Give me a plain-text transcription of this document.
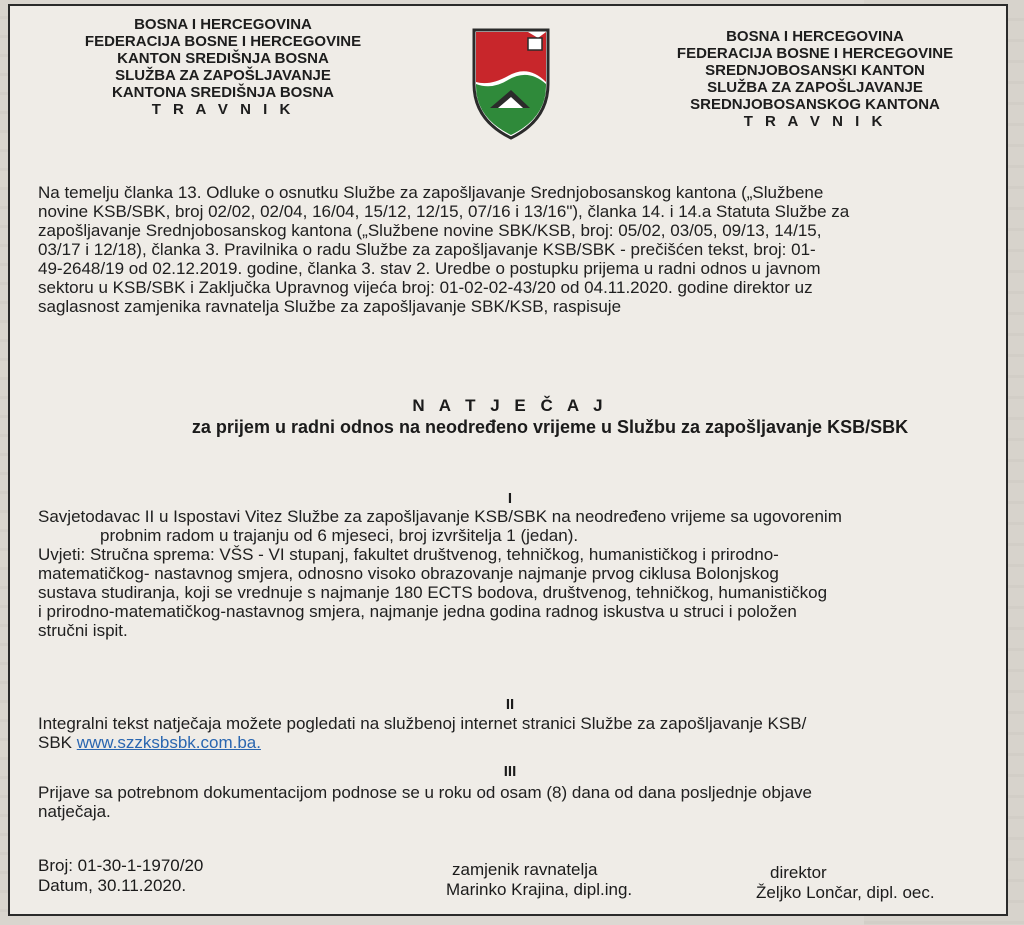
BOSNA I HERCEGOVINA
FEDERACIJA BOSNE I HERCEGOVINE
KANTON SREDIŠNJA BOSNA
SLUŽBA ZA ZAPOŠLJAVANJE
KANTONA SREDIŠNJA BOSNA
T R A V N I K
BOSNA I HERCEGOVINA
FEDERACIJA BOSNE I HERCEGOVINE
SREDNJOBOSANSKI KANTON
SLUŽBA ZA ZAPOŠLJAVANJE
SREDNJOBOSANSKOG KANTONA
T R A V N I K
Na temelju članka 13. Odluke o osnutku Službe za zapošljavanje Srednjobosanskog kantona („Službene
novine KSB/SBK, broj 02/02, 02/04, 16/04, 15/12, 12/15, 07/16 i 13/16"), članka 14. i 14.a Statuta Službe za
zapošljavanje Srednjobosanskog kantona („Službene novine SBK/KSB, broj: 05/02, 03/05, 09/13, 14/15,
03/17 i 12/18), članka 3. Pravilnika o radu Službe za zapošljavanje KSB/SBK - prečišćen tekst, broj: 01-
49-2648/19 od 02.12.2019. godine, članka 3. stav 2. Uredbe o postupku prijema u radni odnos u javnom
sektoru u KSB/SBK i Zaključka Upravnog vijeća broj: 01-02-02-43/20 od 04.11.2020. godine direktor uz
saglasnost zamjenika ravnatelja Službe za zapošljavanje SBK/KSB, raspisuje
N A T J E Č A J
za prijem u radni odnos na neodređeno vrijeme u Službu za zapošljavanje KSB/SBK
I
Savjetodavac II u Ispostavi Vitez Službe za zapošljavanje KSB/SBK na neodređeno vrijeme sa ugovorenim
probnim radom u trajanju od 6 mjeseci, broj izvršitelja 1 (jedan).
Uvjeti: Stručna sprema: VŠS - VI stupanj, fakultet društvenog, tehničkog, humanističkog i prirodno-
matematičkog- nastavnog smjera, odnosno visoko obrazovanje najmanje prvog ciklusa Bolonjskog
sustava studiranja, koji se vrednuje s najmanje 180 ECTS bodova, društvenog, tehničkog, humanističkog
i prirodno-matematičkog-nastavnog smjera, najmanje jedna godina radnog iskustva u struci i položen
stručni ispit.
II
Integralni tekst natječaja možete pogledati na službenoj internet stranici Službe za zapošljavanje KSB/
SBK www.szzksbsbk.com.ba.
III
Prijave sa potrebnom dokumentacijom podnose se u roku od osam (8) dana od dana posljednje objave
natječaja.
Broj: 01-30-1-1970/20
Datum, 30.11.2020.
zamjenik ravnatelja
Marinko Krajina, dipl.ing.
direktor
Željko Lončar, dipl. oec.
